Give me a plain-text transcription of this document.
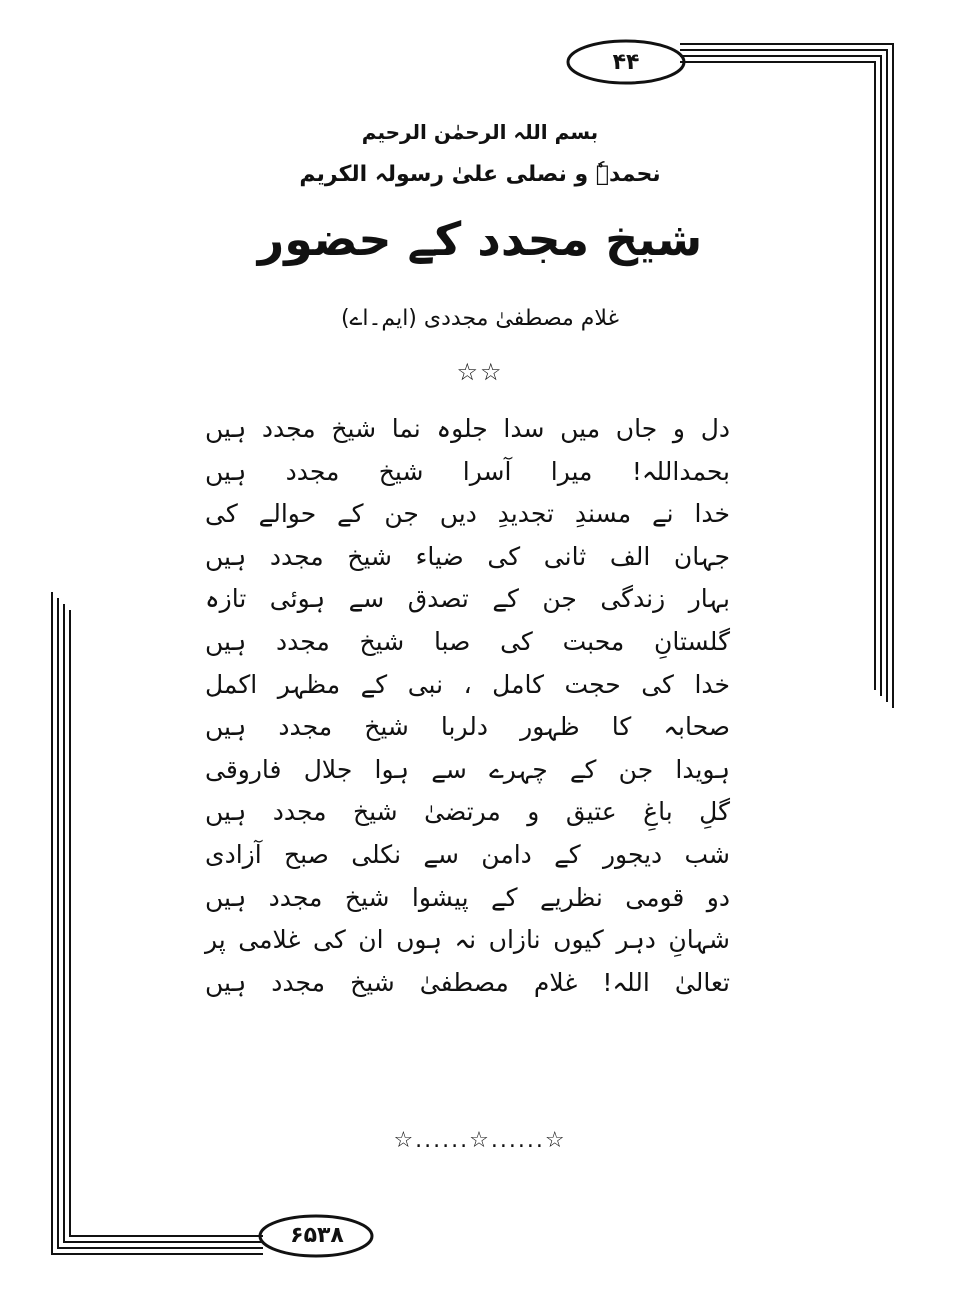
۴۴
۶۵۳۸
بسم اللہ الرحمٰن الرحیم
نحمدہٗ و نصلی علیٰ رسولہ الکریم
شیخ مجدد کے حضور
غلام مصطفیٰ مجددی (ایم۔اے)
☆☆
دل و جاں میں سدا جلوہ نما شیخ مجدد ہیں
بحمداللہ! میرا آسرا شیخ مجدد ہیں
خدا نے مسندِ تجدیدِ دیں جن کے حوالے کی
جہان الف ثانی کی ضیاء شیخ مجدد ہیں
بہار زندگی جن کے تصدق سے ہوئی تازہ
گلستانِ محبت کی صبا شیخ مجدد ہیں
خدا کی حجت کامل ، نبی کے مظہر اکمل
صحابہ کا ظہور دلربا شیخ مجدد ہیں
ہویدا جن کے چہرے سے ہوا جلال فاروقی
گلِ باغِ عتیق و مرتضیٰ شیخ مجدد ہیں
شب دیجور کے دامن سے نکلی صبح آزادی
دو قومی نظریے کے پیشوا شیخ مجدد ہیں
شہانِ دہر کیوں نازاں نہ ہوں ان کی غلامی پر
تعالیٰ اللہ! غلام مصطفیٰ شیخ مجدد ہیں
☆......☆......☆
